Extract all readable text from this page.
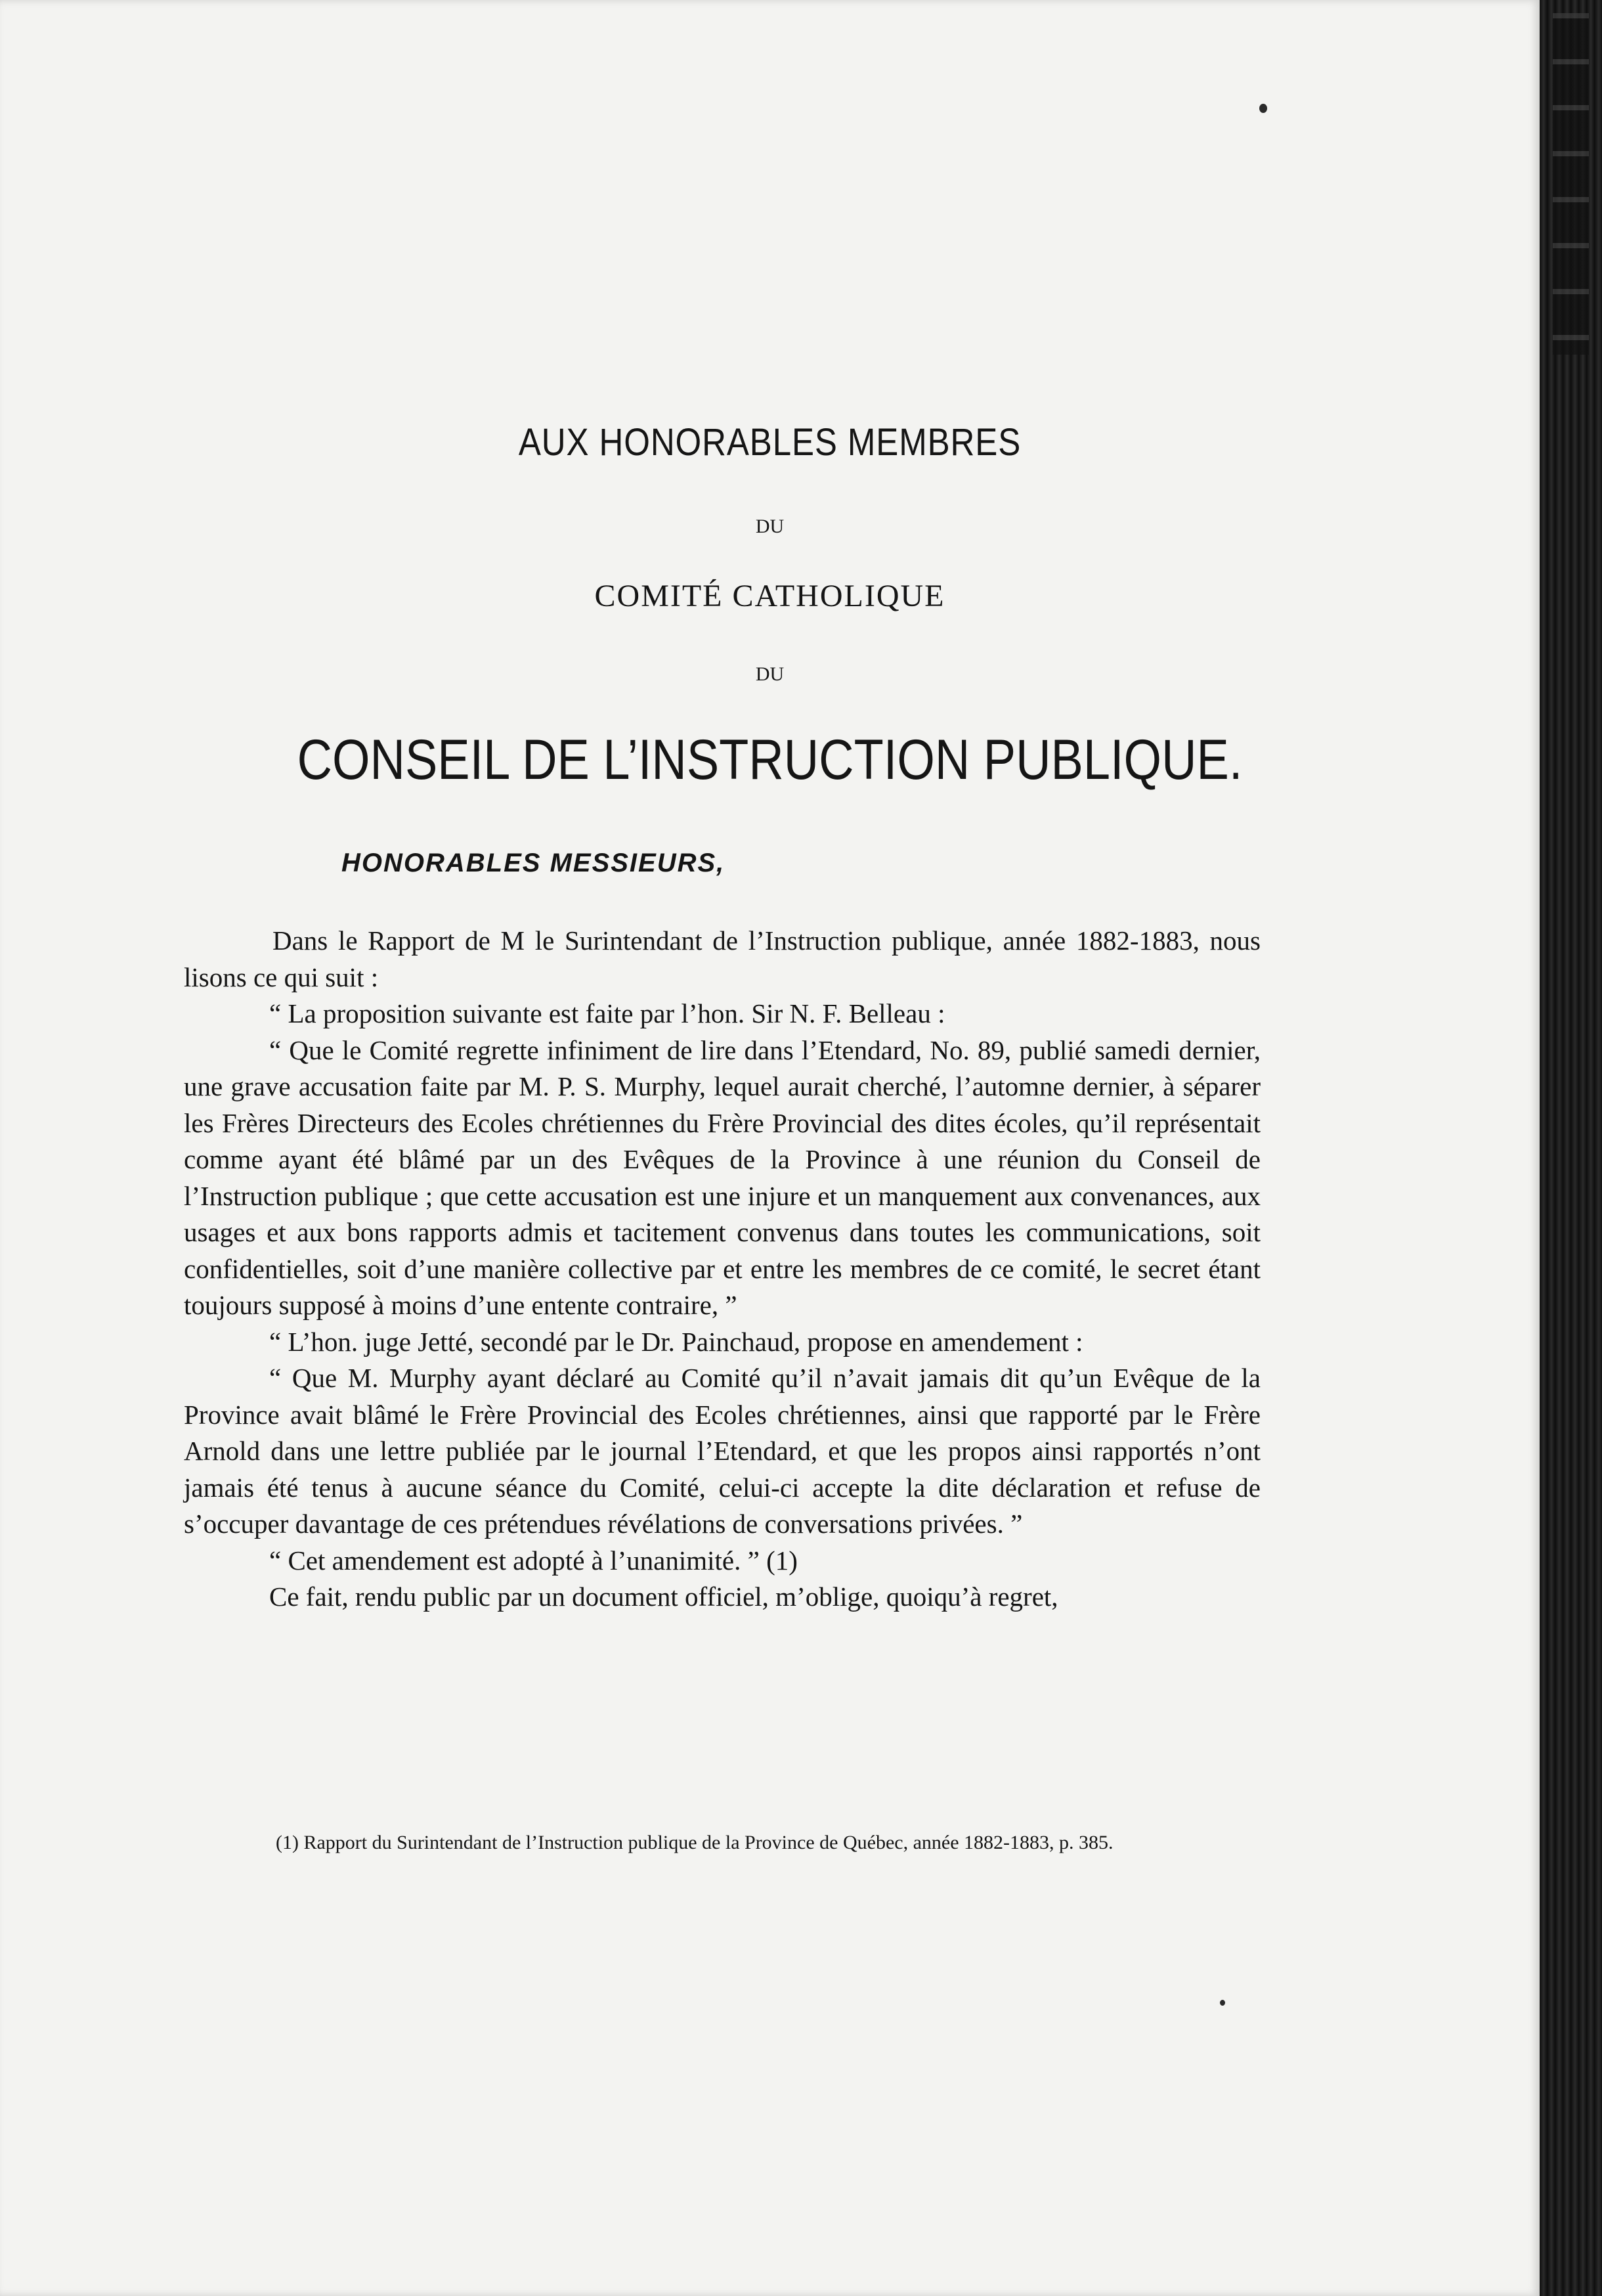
AUX HONORABLES MEMBRES
DU
COMITÉ CATHOLIQUE
DU
CONSEIL DE L’INSTRUCTION PUBLIQUE.
HONORABLES MESSIEURS,

Dans le Rapport de M le Surintendant de l’Instruction publique, année 1882-1883, nous lisons ce qui suit :

“ La proposition suivante est faite par l’hon. Sir N. F. Belleau :

“ Que le Comité regrette infiniment de lire dans l’Etendard, No. 89, publié samedi dernier, une grave accusation faite par M. P. S. Murphy, lequel aurait cherché, l’automne dernier, à séparer les Frères Directeurs des Ecoles chrétiennes du Frère Provincial des dites écoles, qu’il représentait comme ayant été blâmé par un des Evêques de la Province à une réunion du Conseil de l’Instruction publique ; que cette accusation est une injure et un manquement aux convenances, aux usages et aux bons rapports admis et tacitement convenus dans toutes les communications, soit confidentielles, soit d’une manière collective par et entre les membres de ce comité, le secret étant toujours supposé à moins d’une entente contraire, ”

“ L’hon. juge Jetté, secondé par le Dr. Painchaud, propose en amendement :

“ Que M. Murphy ayant déclaré au Comité qu’il n’avait jamais dit qu’un Evêque de la Province avait blâmé le Frère Provincial des Ecoles chrétiennes, ainsi que rapporté par le Frère Arnold dans une lettre publiée par le journal l’Etendard, et que les propos ainsi rapportés n’ont jamais été tenus à aucune séance du Comité, celui-ci accepte la dite déclaration et refuse de s’occuper davantage de ces prétendues révélations de conversations privées. ”

“ Cet amendement est adopté à l’unanimité. ” (1)

Ce fait, rendu public par un document officiel, m’oblige, quoiqu’à regret,

(1) Rapport du Surintendant de l’Instruction publique de la Province de Québec, année 1882-1883, p. 385.
